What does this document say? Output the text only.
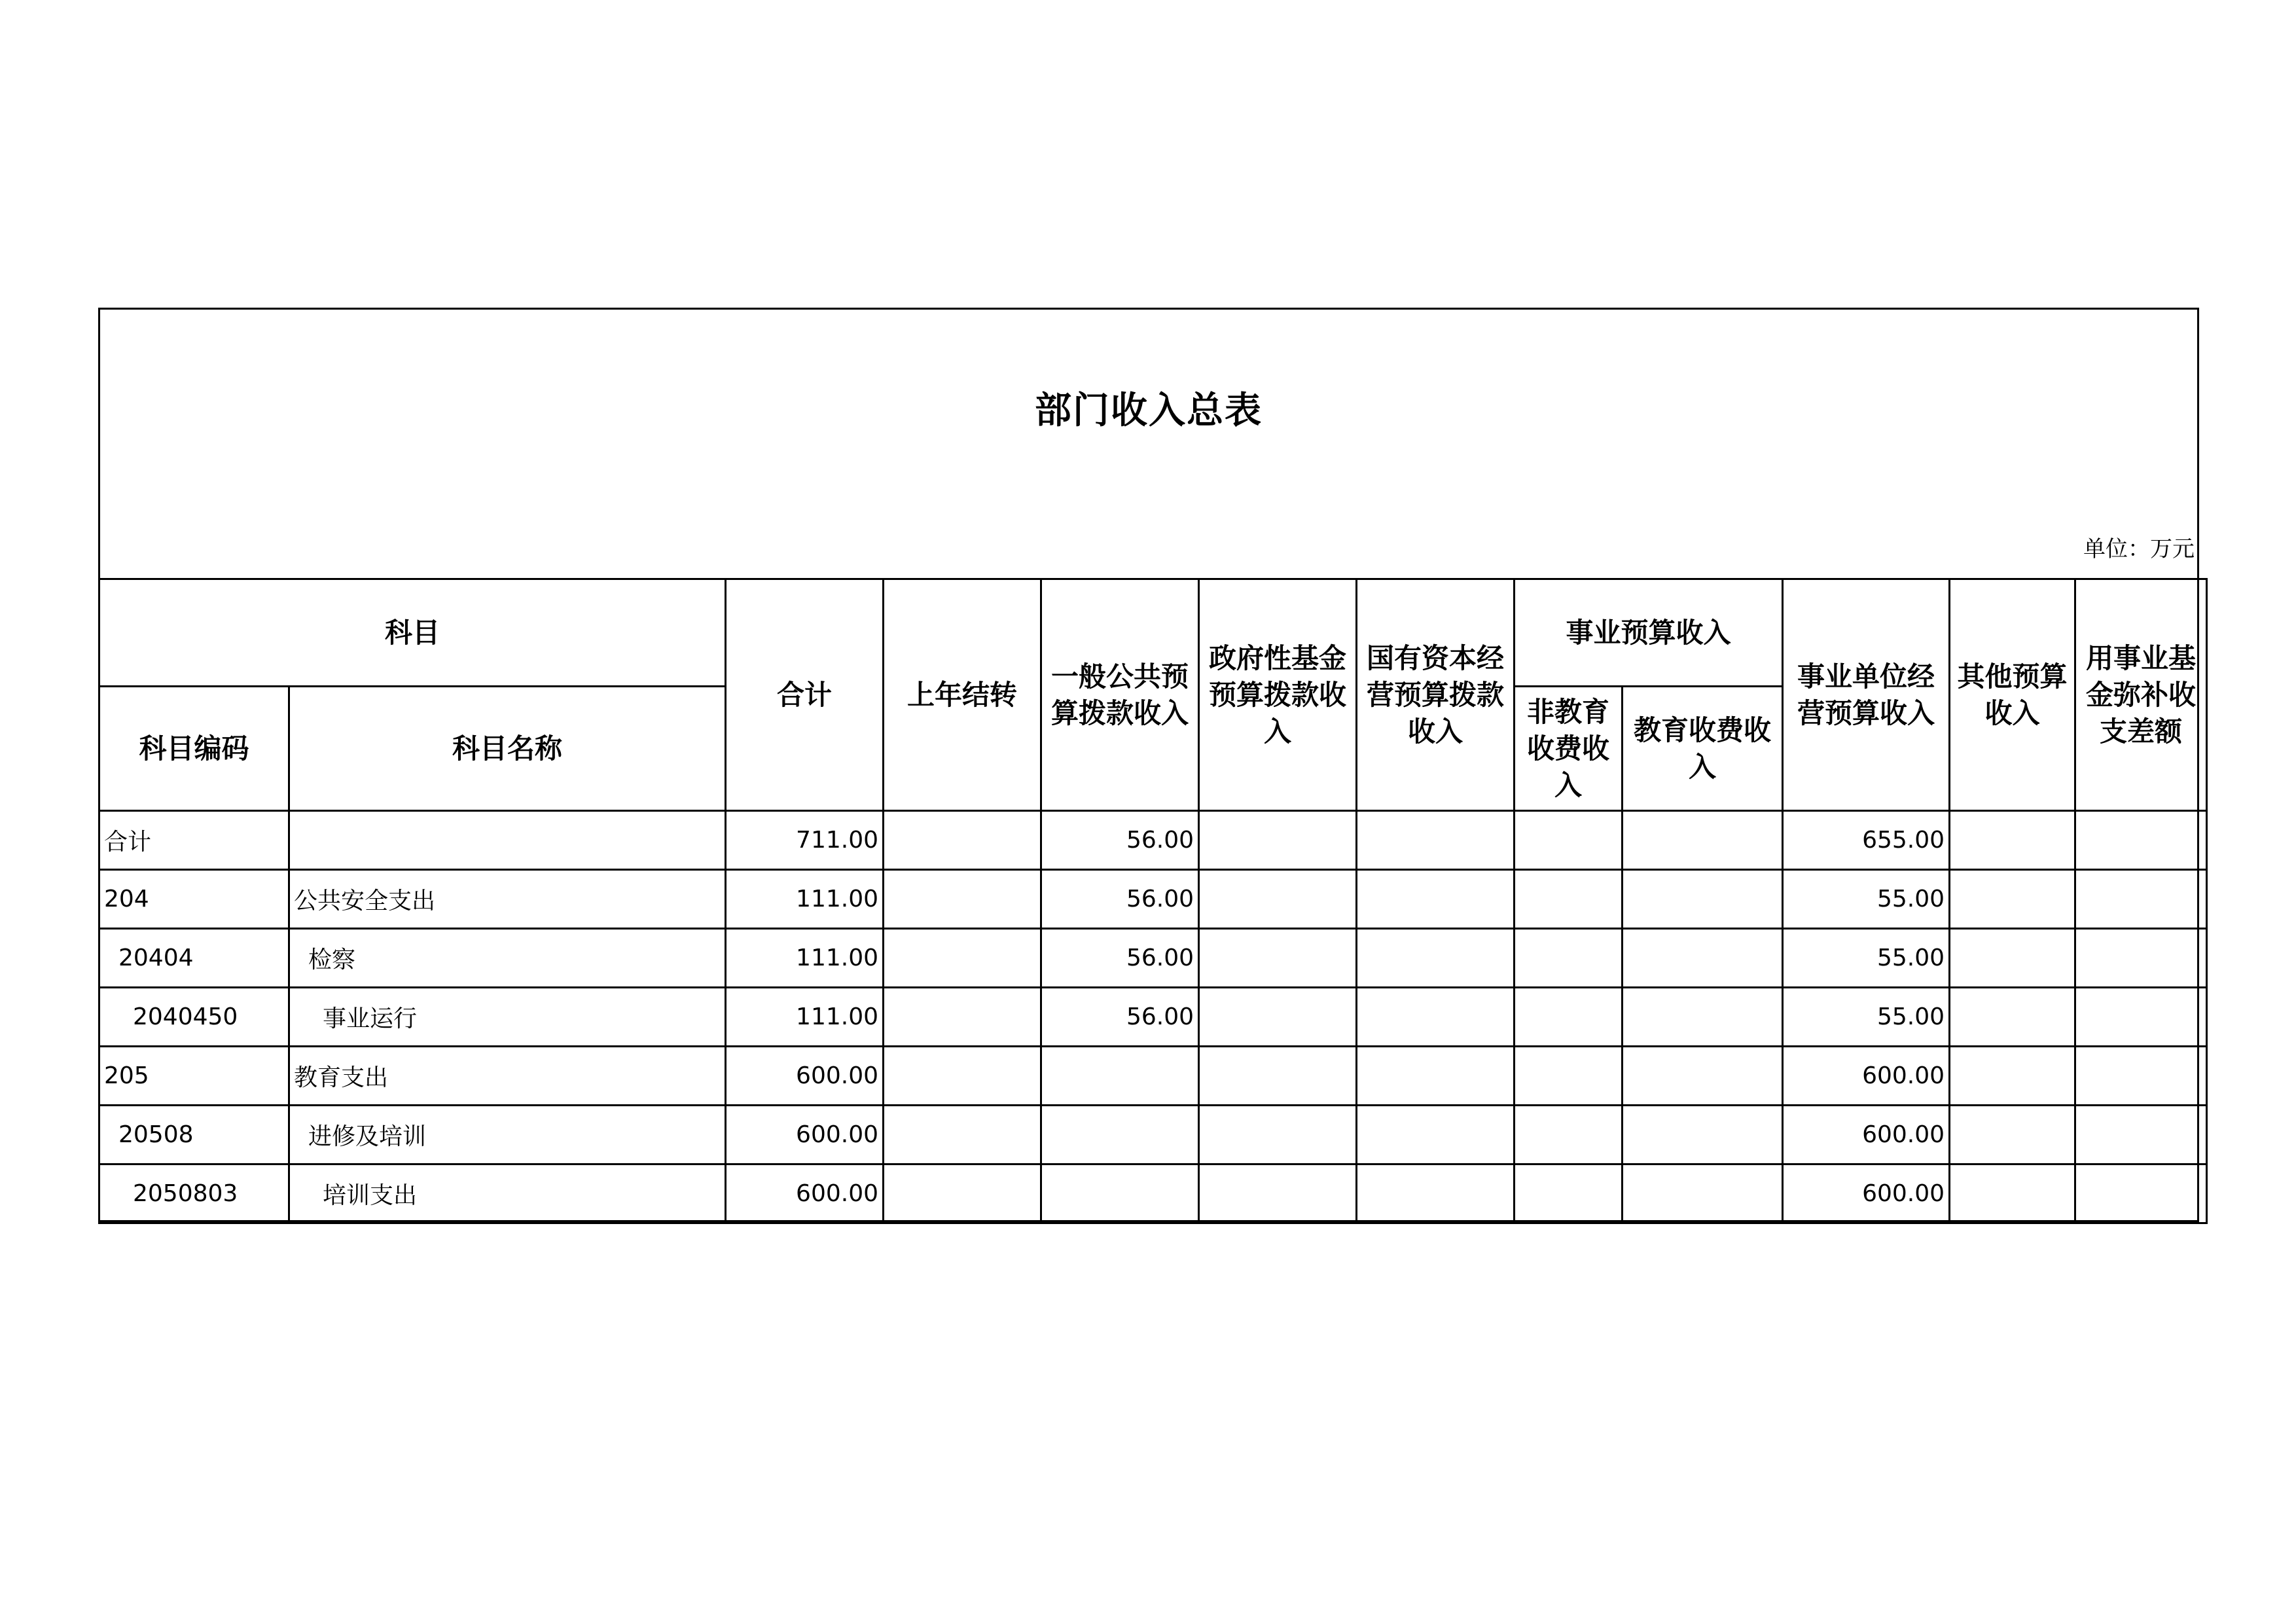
部门收入总表
单位：万元
科目		合计	上年结转	一般公共预算拨款收入	政府性基金预算拨款收入	国有资本经营预算拨款收入	事业预算收入		事业单位经营预算收入	其他预算收入	用事业基金弥补收支差额
科目编码	科目名称						非教育收费收入	教育收费收入			
合计		711.00		56.00					655.00		
204	公共安全支出	111.00		56.00					55.00		
20404	检察	111.00		56.00					55.00		
2040450	事业运行	111.00		56.00					55.00		
205	教育支出	600.00							600.00		
20508	进修及培训	600.00							600.00		
2050803	培训支出	600.00							600.00		
